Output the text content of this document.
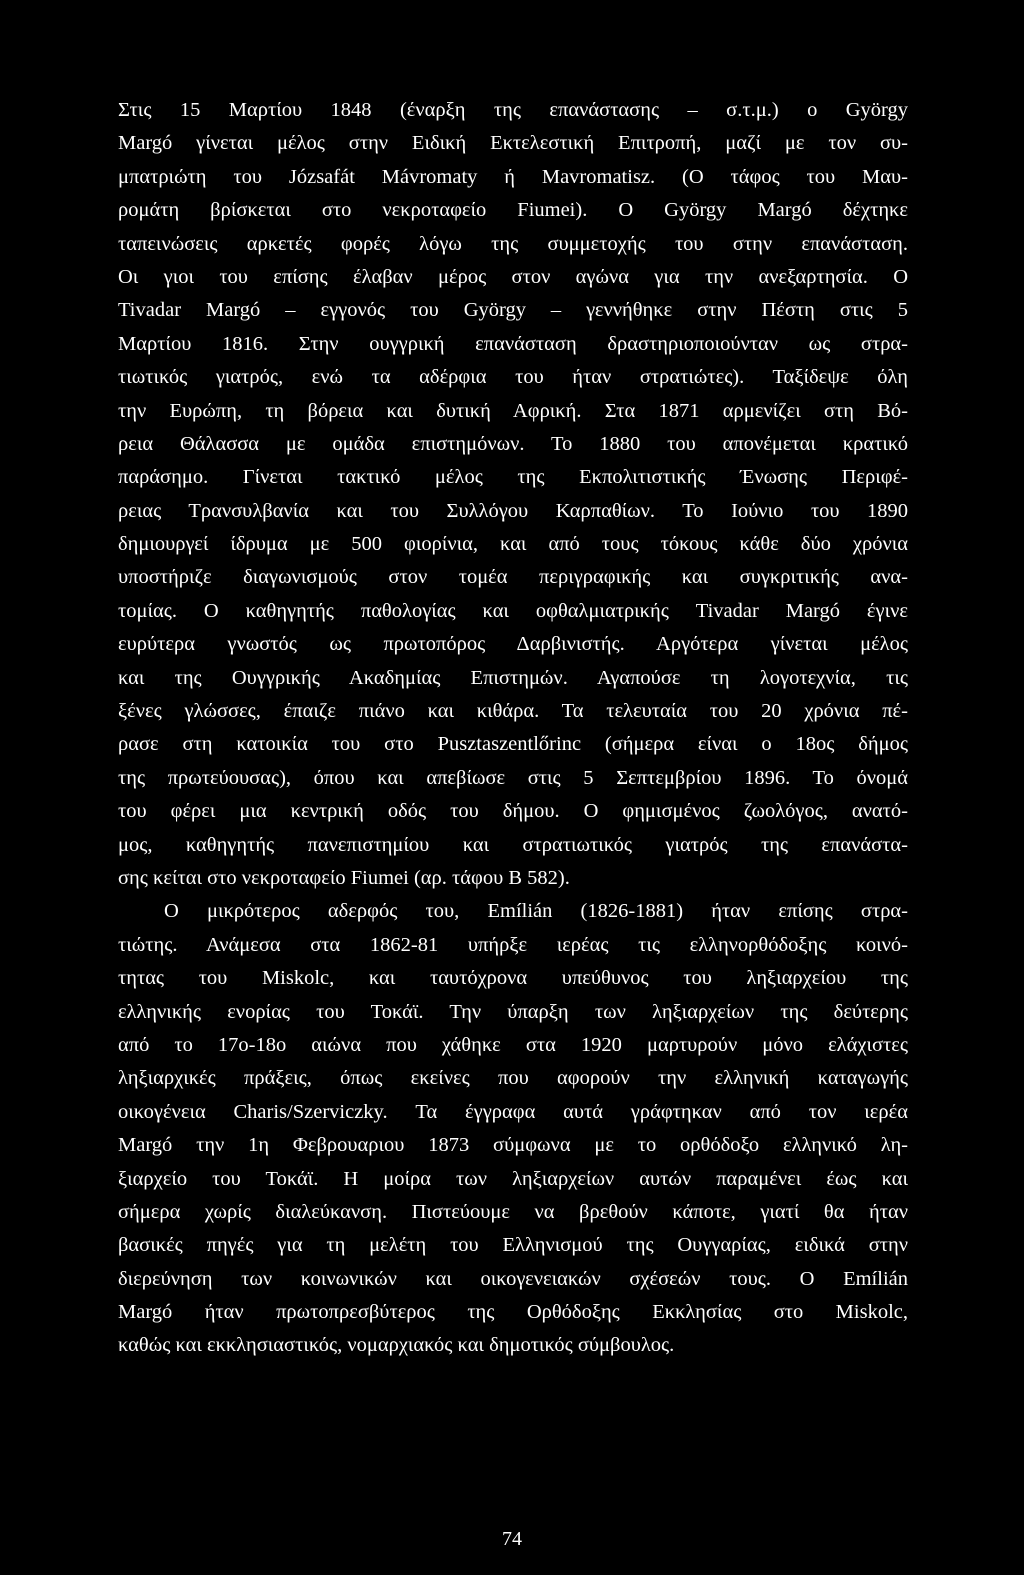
Στις 15 Μαρτίου 1848 (έναρξη της επανάστασης – σ.τ.μ.) ο György
Margó γίνεται μέλος στην Ειδική Εκτελεστική Επιτροπή, μαζί με τον συ-
μπατριώτη του Józsafát Mávromaty ή Mavromatisz. (Ο τάφος του Μαυ-
ρομάτη βρίσκεται στο νεκροταφείο Fiumei). Ο György Margó δέχτηκε
ταπεινώσεις αρκετές φορές λόγω της συμμετοχής του στην επανάσταση.
Οι γιοι του επίσης έλαβαν μέρος στον αγώνα για την ανεξαρτησία. Ο
Tivadar Margó – εγγονός του György – γεννήθηκε στην Πέστη στις 5
Μαρτίου 1816. Στην ουγγρική επανάσταση δραστηριοποιούνταν ως στρα-
τιωτικός γιατρός, ενώ τα αδέρφια του ήταν στρατιώτες). Ταξίδεψε όλη
την Ευρώπη, τη βόρεια και δυτική Αφρική. Στα 1871 αρμενίζει στη Βό-
ρεια Θάλασσα με ομάδα επιστημόνων. Το 1880 του απονέμεται κρατικό
παράσημο. Γίνεται τακτικό μέλος της Εκπολιτιστικής Ένωσης Περιφέ-
ρειας Τρανσυλβανία και του Συλλόγου Καρπαθίων. Το Ιούνιο του 1890
δημιουργεί ίδρυμα με 500 φιορίνια, και από τους τόκους κάθε δύο χρόνια
υποστήριζε διαγωνισμούς στον τομέα περιγραφικής και συγκριτικής ανα-
τομίας. Ο καθηγητής παθολογίας και οφθαλμιατρικής Tivadar Margó έγινε
ευρύτερα γνωστός ως πρωτοπόρος Δαρβινιστής. Αργότερα γίνεται μέλος
και της Ουγγρικής Ακαδημίας Επιστημών. Αγαπούσε τη λογοτεχνία, τις
ξένες γλώσσες, έπαιζε πιάνο και κιθάρα. Τα τελευταία του 20 χρόνια πέ-
ρασε στη κατοικία του στο Pusztaszentlőrinc (σήμερα είναι ο 18ος δήμος
της πρωτεύουσας), όπου και απεβίωσε στις 5 Σεπτεμβρίου 1896. Το όνομά
του φέρει μια κεντρική οδός του δήμου. Ο φημισμένος ζωολόγος, ανατό-
μος, καθηγητής πανεπιστημίου και στρατιωτικός γιατρός της επανάστα-
σης κείται στο νεκροταφείο Fiumei (αρ. τάφου Β 582).
Ο μικρότερος αδερφός του, Emílián (1826-1881) ήταν επίσης στρα-
τιώτης. Ανάμεσα στα 1862-81 υπήρξε ιερέας τις ελληνορθόδοξης κοινό-
τητας του Miskolc, και ταυτόχρονα υπεύθυνος του ληξιαρχείου της
ελληνικής ενορίας του Τοκάϊ. Την ύπαρξη των ληξιαρχείων της δεύτερης
από το 17ο-18ο αιώνα που χάθηκε στα 1920 μαρτυρούν μόνο ελάχιστες
ληξιαρχικές πράξεις, όπως εκείνες που αφορούν την ελληνική καταγωγής
οικογένεια Charis/Szerviczky. Τα έγγραφα αυτά γράφτηκαν από τον ιερέα
Margó την 1η Φεβρουαριου 1873 σύμφωνα με το ορθόδοξο ελληνικό λη-
ξιαρχείο του Τοκάϊ. Η μοίρα των ληξιαρχείων αυτών παραμένει έως και
σήμερα χωρίς διαλεύκανση. Πιστεύουμε να βρεθούν κάποτε, γιατί θα ήταν
βασικές πηγές για τη μελέτη του Ελληνισμού της Ουγγαρίας, ειδικά στην
διερεύνηση των κοινωνικών και οικογενειακών σχέσεών τους. Ο Emílián
Margó ήταν πρωτοπρεσβύτερος της Ορθόδοξης Εκκλησίας στο Miskolc,
καθώς και εκκλησιαστικός, νομαρχιακός και δημοτικός σύμβουλος.
74
